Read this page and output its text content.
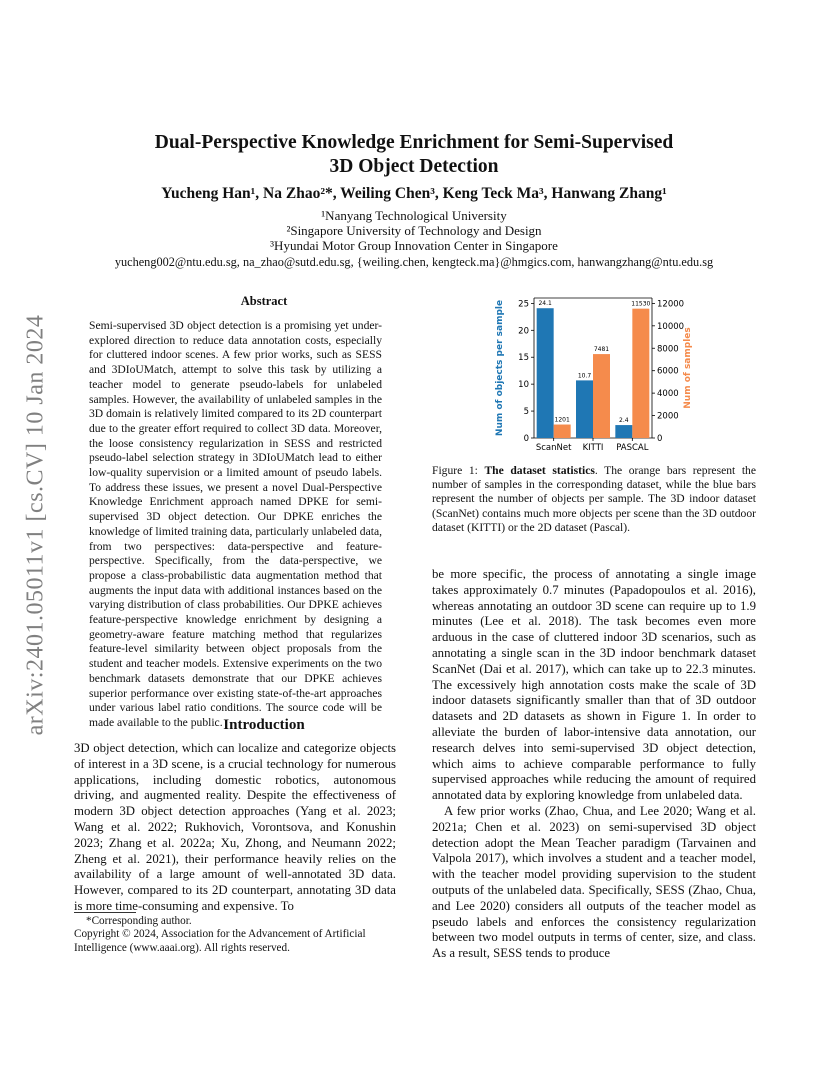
arXiv:2401.05011v1 [cs.CV] 10 Jan 2024
Dual-Perspective Knowledge Enrichment for Semi-Supervised
3D Object Detection

Yucheng Han¹, Na Zhao²*, Weiling Chen³, Keng Teck Ma³, Hanwang Zhang¹

¹Nanyang Technological University

²Singapore University of Technology and Design

³Hyundai Motor Group Innovation Center in Singapore

yucheng002@ntu.edu.sg, na_zhao@sutd.edu.sg, {weiling.chen, kengteck.ma}@hmgics.com, hanwangzhang@ntu.edu.sg

Abstract

Semi-supervised 3D object detection is a promising yet under-explored direction to reduce data annotation costs, especially for cluttered indoor scenes. A few prior works, such as SESS and 3DIoUMatch, attempt to solve this task by utilizing a teacher model to generate pseudo-labels for unlabeled samples. However, the availability of unlabeled samples in the 3D domain is relatively limited compared to its 2D counterpart due to the greater effort required to collect 3D data. Moreover, the loose consistency regularization in SESS and restricted pseudo-label selection strategy in 3DIoUMatch lead to either low-quality supervision or a limited amount of pseudo labels. To address these issues, we present a novel Dual-Perspective Knowledge Enrichment approach named DPKE for semi-supervised 3D object detection. Our DPKE enriches the knowledge of limited training data, particularly unlabeled data, from two perspectives: data-perspective and feature-perspective. Specifically, from the data-perspective, we propose a class-probabilistic data augmentation method that augments the input data with additional instances based on the varying distribution of class probabilities. Our DPKE achieves feature-perspective knowledge enrichment by designing a geometry-aware feature matching method that regularizes feature-level similarity between object proposals from the student and teacher models. Extensive experiments on the two benchmark datasets demonstrate that our DPKE achieves superior performance over existing state-of-the-art approaches under various label ratio conditions. The source code will be made available to the public. Introduction

3D object detection, which can localize and categorize objects of interest in a 3D scene, is a crucial technology for numerous applications, including domestic robotics, autonomous driving, and augmented reality. Despite the effectiveness of modern 3D object detection approaches (Yang et al. 2023; Wang et al. 2022; Rukhovich, Vorontsova, and Konushin 2023; Zhang et al. 2022a; Xu, Zhong, and Neumann 2022; Zheng et al. 2021), their performance heavily relies on the availability of a large amount of well-annotated 3D data. However, compared to its 2D counterpart, annotating 3D data is more time-consuming and expensive. To

*Corresponding author.
Copyright © 2024, Association for the Advancement of Artificial Intelligence (www.aaai.org). All rights reserved.
0
5
10
15
20
25
0
2000
4000
6000
8000
10000
12000
24.1
1201
ScanNet
10.7
7481
KITTI
2.4
11530
PASCAL
Num of objects per sample	Num of samples

Figure 1: The dataset statistics. The orange bars represent the number of samples in the corresponding dataset, while the blue bars represent the number of objects per sample. The 3D indoor dataset (ScanNet) contains much more objects per scene than the 3D outdoor dataset (KITTI) or the 2D dataset (Pascal).

be more specific, the process of annotating a single image takes approximately 0.7 minutes (Papadopoulos et al. 2016), whereas annotating an outdoor 3D scene can require up to 1.9 minutes (Lee et al. 2018). The task becomes even more arduous in the case of cluttered indoor 3D scenarios, such as annotating a single scan in the 3D indoor benchmark dataset ScanNet (Dai et al. 2017), which can take up to 22.3 minutes. The excessively high annotation costs make the scale of 3D indoor datasets significantly smaller than that of 3D outdoor datasets and 2D datasets as shown in Figure 1. In order to alleviate the burden of labor-intensive data annotation, our research delves into semi-supervised 3D object detection, which aims to achieve comparable performance to fully supervised approaches while reducing the amount of required annotated data by exploring knowledge from unlabeled data.

A few prior works (Zhao, Chua, and Lee 2020; Wang et al. 2021a; Chen et al. 2023) on semi-supervised 3D object detection adopt the Mean Teacher paradigm (Tarvainen and Valpola 2017), which involves a student and a teacher model, with the teacher model providing supervision to the student outputs of the unlabeled data. Specifically, SESS (Zhao, Chua, and Lee 2020) considers all outputs of the teacher model as pseudo labels and enforces the consistency regularization between two model outputs in terms of center, size, and class. As a result, SESS tends to produce
